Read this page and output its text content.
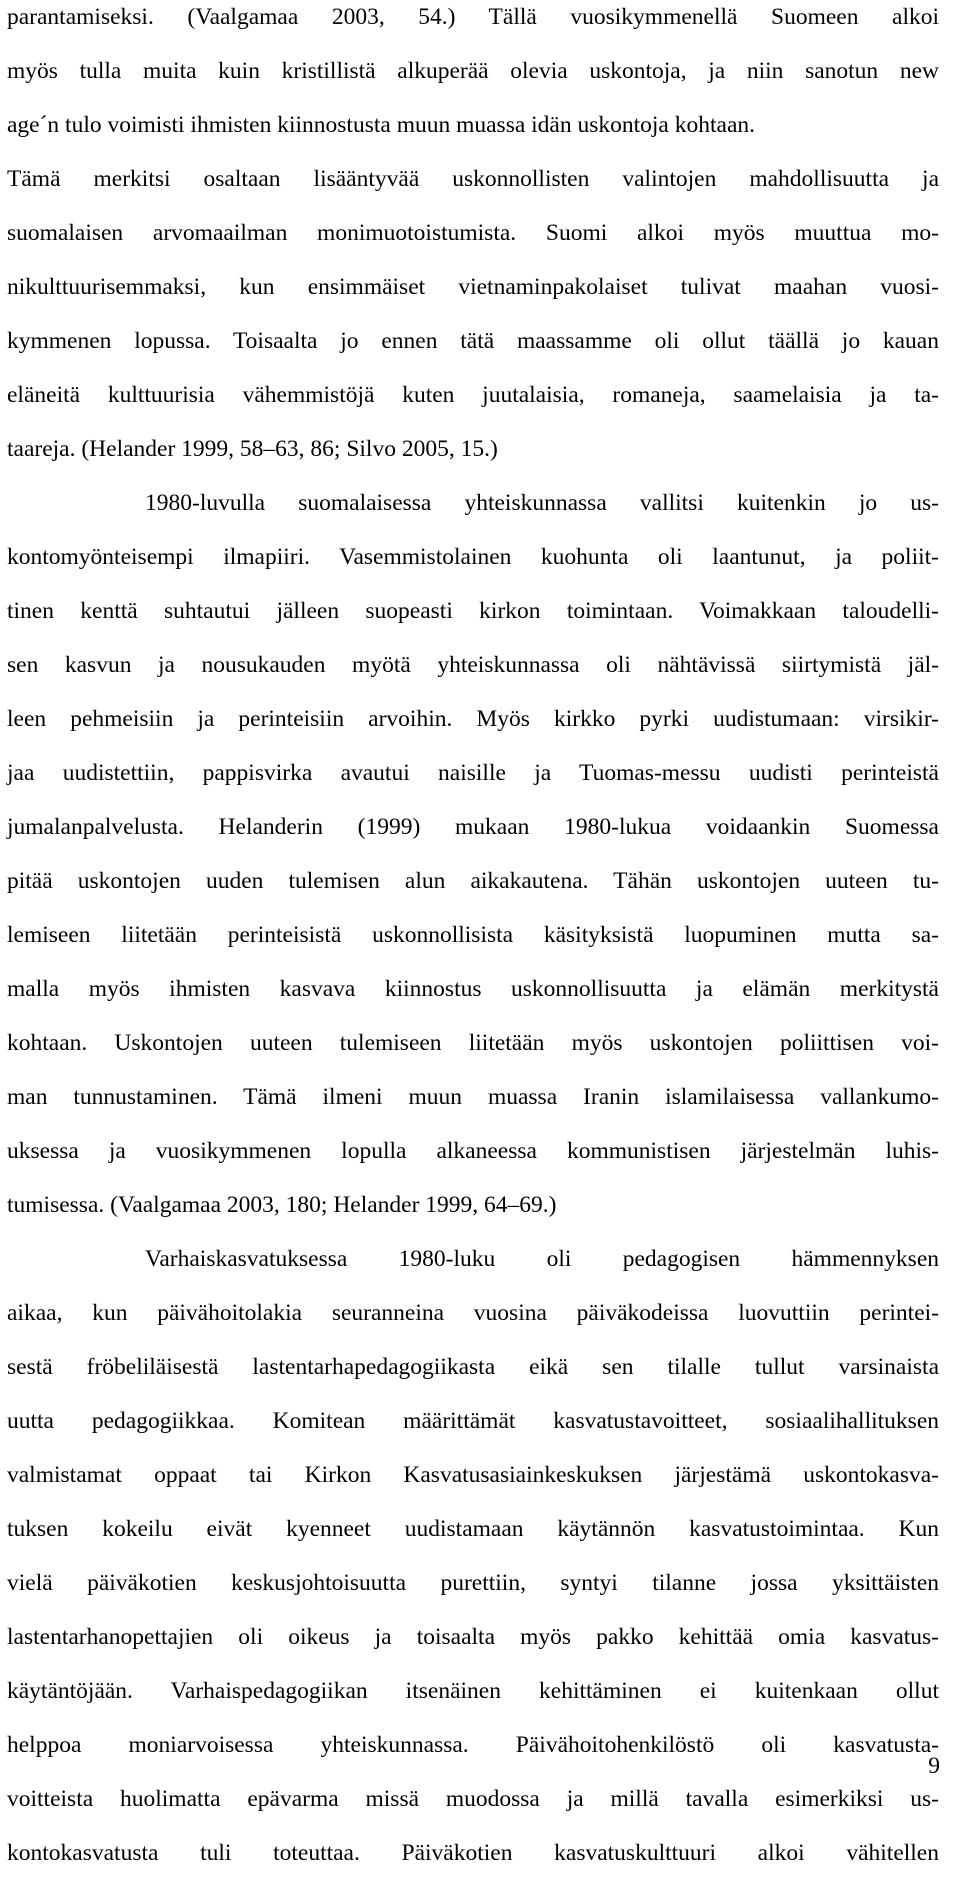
parantamiseksi. (Vaalgamaa 2003, 54.) Tällä vuosikymmenellä Suomeen alkoi
myös tulla muita kuin kristillistä alkuperää olevia uskontoja, ja niin sanotun new
age´n tulo voimisti ihmisten kiinnostusta muun muassa idän uskontoja kohtaan.
Tämä merkitsi osaltaan lisääntyvää uskonnollisten valintojen mahdollisuutta ja
suomalaisen arvomaailman monimuotoistumista. Suomi alkoi myös muuttua mo-
nikulttuurisemmaksi, kun ensimmäiset vietnaminpakolaiset tulivat maahan vuosi-
kymmenen lopussa. Toisaalta jo ennen tätä maassamme oli ollut täällä jo kauan
eläneitä kulttuurisia vähemmistöjä kuten juutalaisia, romaneja, saamelaisia ja ta-
taareja. (Helander 1999, 58–63, 86; Silvo 2005, 15.)
1980-luvulla suomalaisessa yhteiskunnassa vallitsi kuitenkin jo us-
kontomyönteisempi ilmapiiri. Vasemmistolainen kuohunta oli laantunut, ja poliit-
tinen kenttä suhtautui jälleen suopeasti kirkon toimintaan. Voimakkaan taloudelli-
sen kasvun ja nousukauden myötä yhteiskunnassa oli nähtävissä siirtymistä jäl-
leen pehmeisiin ja perinteisiin arvoihin. Myös kirkko pyrki uudistumaan: virsikir-
jaa uudistettiin, pappisvirka avautui naisille ja Tuomas-messu uudisti perinteistä
jumalanpalvelusta. Helanderin (1999) mukaan 1980-lukua voidaankin Suomessa
pitää uskontojen uuden tulemisen alun aikakautena. Tähän uskontojen uuteen tu-
lemiseen liitetään perinteisistä uskonnollisista käsityksistä luopuminen mutta sa-
malla myös ihmisten kasvava kiinnostus uskonnollisuutta ja elämän merkitystä
kohtaan. Uskontojen uuteen tulemiseen liitetään myös uskontojen poliittisen voi-
man tunnustaminen. Tämä ilmeni muun muassa Iranin islamilaisessa vallankumo-
uksessa ja vuosikymmenen lopulla alkaneessa kommunistisen järjestelmän luhis-
tumisessa. (Vaalgamaa 2003, 180; Helander 1999, 64–69.)
Varhaiskasvatuksessa 1980-luku oli pedagogisen hämmennyksen
aikaa, kun päivähoitolakia seuranneina vuosina päiväkodeissa luovuttiin perintei-
sestä fröbeliläisestä lastentarhapedagogiikasta eikä sen tilalle tullut varsinaista
uutta pedagogiikkaa. Komitean määrittämät kasvatustavoitteet, sosiaalihallituksen
valmistamat oppaat tai Kirkon Kasvatusasiainkeskuksen järjestämä uskontokasva-
tuksen kokeilu eivät kyenneet uudistamaan käytännön kasvatustoimintaa. Kun
vielä päiväkotien keskusjohtoisuutta purettiin, syntyi tilanne jossa yksittäisten
lastentarhanopettajien oli oikeus ja toisaalta myös pakko kehittää omia kasvatus-
käytäntöjään. Varhaispedagogiikan itsenäinen kehittäminen ei kuitenkaan ollut
helppoa moniarvoisessa yhteiskunnassa. Päivähoitohenkilöstö oli kasvatusta-
voitteista huolimatta epävarma missä muodossa ja millä tavalla esimerkiksi us-
kontokasvatusta tuli toteuttaa. Päiväkotien kasvatuskulttuuri alkoi vähitellen
9
